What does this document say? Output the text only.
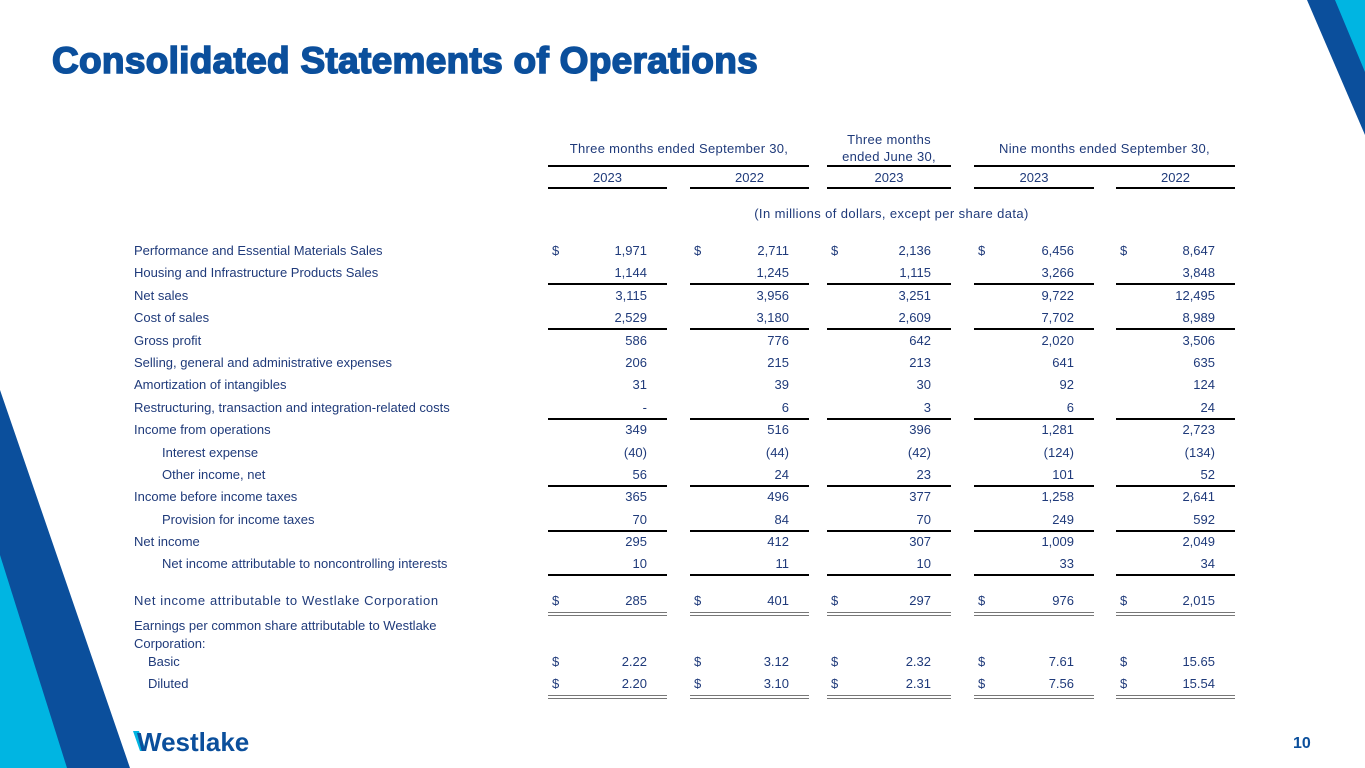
Consolidated Statements of Operations
Three months ended September 30,
Three months ended June 30,
Nine months ended September 30,
2023	2022	2023	2023	2022
(In millions of dollars, except per share data)
Performance and Essential Materials Sales	$	1,971	$	2,711	$	2,136	$	6,456	$	8,647
Housing and Infrastructure Products Sales	1,144	1,245	1,115	3,266	3,848
Net sales	3,115	3,956	3,251	9,722	12,495
Cost of sales	2,529	3,180	2,609	7,702	8,989
Gross profit	586	776	642	2,020	3,506
Selling, general and administrative expenses	206	215	213	641	635
Amortization of intangibles	31	39	30	92	124
Restructuring, transaction and integration-related costs	-	6	3	6	24
Income from operations	349	516	396	1,281	2,723
Interest expense	(40)	(44)	(42)	(124)	(134)
Other income, net	56	24	23	101	52
Income before income taxes	365	496	377	1,258	2,641
Provision for income taxes	70	84	70	249	592
Net income	295	412	307	1,009	2,049
Net income attributable to noncontrolling interests	10	11	10	33	34
Net income attributable to Westlake Corporation	$	285	$	401	$	297	$	976	$	2,015
Earnings per common share attributable to Westlake Corporation:
Basic	$	2.22	$	3.12	$	2.32	$	7.61	$	15.65
Diluted	$	2.20	$	3.10	$	2.31	$	7.56	$	15.54
Westlake	10
